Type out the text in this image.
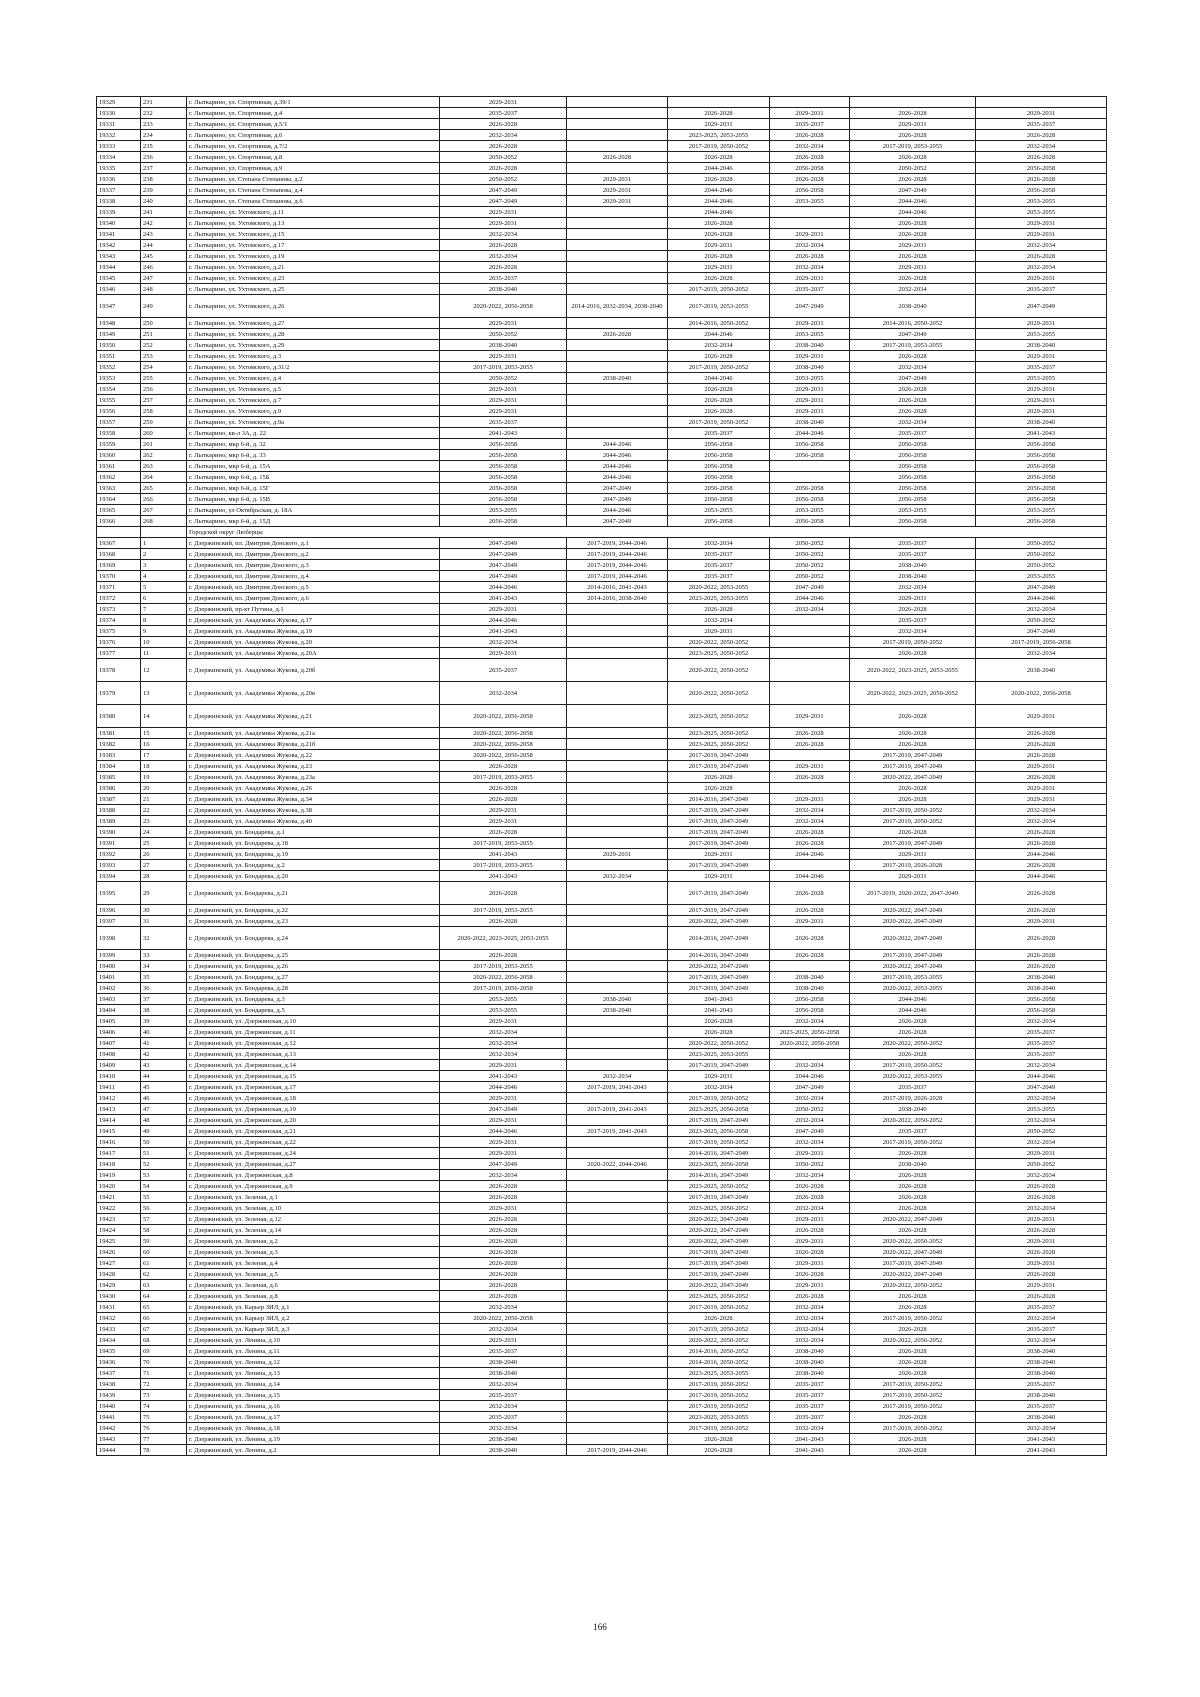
19329	231	г. Лыткарино, ул. Спортивная, д.39/1	2029-2031					
19330	232	г. Лыткарино, ул. Спортивная, д.4	2035-2037		2026-2028	2029-2031	2026-2028	2029-2031
19331	233	г. Лыткарино, ул. Спортивная, д.5/1	2026-2028		2029-2031	2035-2037	2029-2031	2035-2037
19332	234	г. Лыткарино, ул. Спортивная, д.6	2032-2034		2023-2025, 2053-2055	2026-2028	2026-2028	2026-2028
19333	235	г. Лыткарино, ул. Спортивная, д.7/2	2026-2028		2017-2019, 2050-2052	2032-2034	2017-2019, 2053-2055	2032-2034
19334	236	г. Лыткарино, ул. Спортивная, д.8	2050-2052	2026-2028	2026-2028	2026-2028	2026-2028	2026-2028
19335	237	г. Лыткарино, ул. Спортивная, д.9	2026-2028		2044-2046	2056-2058	2050-2052	2056-2058
19336	238	г. Лыткарино, ул. Степана Степанова, д.2	2050-2052	2029-2031	2026-2028	2026-2028	2026-2028	2026-2028
19337	239	г. Лыткарино, ул. Степана Степанова, д.4	2047-2049	2029-2031	2044-2046	2056-2058	2047-2049	2056-2058
19338	240	г. Лыткарино, ул. Степана Степанова, д.6	2047-2049	2029-2031	2044-2046	2053-2055	2044-2046	2053-2055
19339	241	г. Лыткарино, ул. Ухтомского, д.11	2029-2031		2044-2046		2044-2046	2053-2055
19340	242	г. Лыткарино, ул. Ухтомского, д.13	2029-2031		2026-2028		2026-2028	2029-2031
19341	243	г. Лыткарино, ул. Ухтомского, д.15	2032-2034		2026-2028	2029-2031	2026-2028	2029-2031
19342	244	г. Лыткарино, ул. Ухтомского, д.17	2026-2028		2029-2031	2032-2034	2029-2031	2032-2034
19343	245	г. Лыткарино, ул. Ухтомского, д.19	2032-2034		2026-2028	2026-2028	2026-2028	2026-2028
19344	246	г. Лыткарино, ул. Ухтомского, д.21	2026-2028		2029-2031	2032-2034	2029-2031	2032-2034
19345	247	г. Лыткарино, ул. Ухтомского, д.23	2035-2037		2026-2028	2029-2031	2026-2028	2029-2031
19346	248	г. Лыткарино, ул. Ухтомского, д.25	2038-2040		2017-2019, 2050-2052	2035-2037	2032-2034	2035-2037
19347	249	г. Лыткарино, ул. Ухтомского, д.26	2020-2022, 2056-2058	2014-2016, 2032-2034, 2038-2040	2017-2019, 2053-2055	2047-2049	2038-2040	2047-2049
19348	250	г. Лыткарино, ул. Ухтомского, д.27	2029-2031		2014-2016, 2050-2052	2029-2031	2014-2016, 2050-2052	2029-2031
19349	251	г. Лыткарино, ул. Ухтомского, д.28	2050-2052	2026-2028	2044-2046	2053-2055	2047-2049	2053-2055
19350	252	г. Лыткарино, ул. Ухтомского, д.29	2038-2040		2032-2034	2038-2040	2017-2019, 2053-2055	2038-2040
19351	253	г. Лыткарино, ул. Ухтомского, д.3	2029-2031		2026-2028	2029-2031	2026-2028	2029-2031
19352	254	г. Лыткарино, ул. Ухтомского, д.31/2	2017-2019, 2053-2055		2017-2019, 2050-2052	2038-2040	2032-2034	2035-2037
19353	255	г. Лыткарино, ул. Ухтомского, д.4	2050-2052	2038-2040	2044-2046	2053-2055	2047-2049	2053-2055
19354	256	г. Лыткарино, ул. Ухтомского, д.5	2029-2031		2026-2028	2029-2031	2026-2028	2029-2031
19355	257	г. Лыткарино, ул. Ухтомского, д.7	2029-2031		2026-2028	2029-2031	2026-2028	2029-2031
19356	258	г. Лыткарино, ул. Ухтомского, д.9	2029-2031		2026-2028	2029-2031	2026-2028	2029-2031
19357	259	г. Лыткарино, ул. Ухтомского, д.9а	2035-2037		2017-2019, 2050-2052	2038-2040	2032-2034	2038-2040
19358	260	г. Лыткарино, кв-л 3А, д. 22	2041-2043		2035-2037	2044-2046	2035-2037	2041-2043
19359	261	г. Лыткарино, мкр 6-й, д. 32	2056-2058	2044-2046	2056-2058	2056-2058	2056-2058	2056-2058
19360	262	г. Лыткарино, мкр 6-й, д. 33	2056-2058	2044-2046	2056-2058	2056-2058	2056-2058	2056-2058
19361	263	г. Лыткарино, мкр 6-й, д. 15А	2056-2058	2044-2046	2056-2058		2056-2058	2056-2058
19362	264	г. Лыткарино, мкр 6-й, д. 15Б	2056-2058	2044-2046	2056-2058		2056-2058	2056-2058
19363	265	г. Лыткарино, мкр 6-й, д. 15Г	2056-2058	2047-2049	2056-2058	2056-2058	2056-2058	2056-2058
19364	266	г. Лыткарино, мкр 6-й, д. 15В	2056-2058	2047-2049	2056-2058	2056-2058	2056-2058	2056-2058
19365	267	г. Лыткарино, ул Октябрьская, д. 18А	2053-2055	2044-2046	2053-2055	2053-2055	2053-2055	2053-2055
19366	268	г. Лыткарино, мкр 6-й, д. 15Д	2056-2058	2047-2049	2056-2058	2056-2058	2056-2058	2056-2058
		Городской округ Люберцы						
19367	1	г. Дзержинский, пл. Дмитрия Донского, д.1	2047-2049	2017-2019, 2044-2046	2032-2034	2050-2052	2035-2037	2050-2052
19368	2	г. Дзержинский, пл. Дмитрия Донского, д.2	2047-2049	2017-2019, 2044-2046	2035-2037	2050-2052	2035-2037	2050-2052
19369	3	г. Дзержинский, пл. Дмитрия Донского, д.3	2047-2049	2017-2019, 2044-2046	2035-2037	2050-2052	2038-2040	2050-2052
19370	4	г. Дзержинский, пл. Дмитрия Донского, д.4	2047-2049	2017-2019, 2044-2046	2035-2037	2050-2052	2038-2040	2053-2055
19371	5	г. Дзержинский, пл. Дмитрия Донского, д.5	2044-2046	2014-2016, 2041-2043	2020-2022, 2053-2055	2047-2049	2032-2034	2047-2049
19372	6	г. Дзержинский, пл. Дмитрия Донского, д.6	2041-2043	2014-2016, 2038-2040	2023-2025, 2053-2055	2044-2046	2029-2031	2044-2046
19373	7	г. Дзержинский, пр-кт Путина, д.1	2029-2031		2026-2028	2032-2034	2026-2028	2032-2034
19374	8	г. Дзержинский, ул. Академика Жукова, д.17	2044-2046		2032-2034		2035-2037	2050-2052
19375	9	г. Дзержинский, ул. Академика Жукова, д.19	2041-2043		2029-2031		2032-2034	2047-2049
19376	10	г. Дзержинский, ул. Академика Жукова, д.20	2032-2034		2020-2022, 2050-2052		2017-2019, 2050-2052	2017-2019, 2056-2058
19377	11	г. Дзержинский, ул. Академика Жукова, д.20А	2029-2031		2023-2025, 2050-2052		2026-2028	2032-2034
19378	12	г. Дзержинский, ул. Академика Жукова, д.20б	2035-2037		2020-2022, 2050-2052		2020-2022, 2023-2025, 2053-2055	2038-2040
19379	13	г. Дзержинский, ул. Академика Жукова, д.20в	2032-2034		2020-2022, 2050-2052		2020-2022, 2023-2025, 2050-2052	2020-2022, 2056-2058
19380	14	г. Дзержинский, ул. Академика Жукова, д.21	2020-2022, 2056-2058		2023-2025, 2050-2052	2029-2031	2026-2028	2029-2031
19381	15	г. Дзержинский, ул. Академика Жукова, д.21а	2020-2022, 2056-2058		2023-2025, 2050-2052	2026-2028	2026-2028	2026-2028
19382	16	г. Дзержинский, ул. Академика Жукова, д.21б	2020-2022, 2056-2058		2023-2025, 2050-2052	2026-2028	2026-2028	2026-2028
19383	17	г. Дзержинский, ул. Академика Жукова, д.22	2020-2022, 2056-2058		2017-2019, 2047-2049		2017-2019, 2047-2049	2026-2028
19384	18	г. Дзержинский, ул. Академика Жукова, д.23	2026-2028		2017-2019, 2047-2049	2029-2031	2017-2019, 2047-2049	2029-2031
19385	19	г. Дзержинский, ул. Академика Жукова, д.23а	2017-2019, 2053-2055		2026-2028	2026-2028	2020-2022, 2047-2049	2026-2028
19386	20	г. Дзержинский, ул. Академика Жукова, д.26	2026-2028		2026-2028		2026-2028	2029-2031
19387	21	г. Дзержинский, ул. Академика Жукова, д.34	2026-2028		2014-2016, 2047-2049	2029-2031	2026-2028	2029-2031
19388	22	г. Дзержинский, ул. Академика Жукова, д.38	2029-2031		2017-2019, 2047-2049	2032-2034	2017-2019, 2050-2052	2032-2034
19389	23	г. Дзержинский, ул. Академика Жукова, д.40	2029-2031		2017-2019, 2047-2049	2032-2034	2017-2019, 2050-2052	2032-2034
19390	24	г. Дзержинский, ул. Бондарева, д.1	2026-2028		2017-2019, 2047-2049	2026-2028	2026-2028	2026-2028
19391	25	г. Дзержинский, ул. Бондарева, д.18	2017-2019, 2053-2055		2017-2019, 2047-2049	2026-2028	2017-2019, 2047-2049	2026-2028
19392	26	г. Дзержинский, ул. Бондарева, д.19	2041-2043	2029-2031	2029-2031	2044-2046	2029-2031	2044-2046
19393	27	г. Дзержинский, ул. Бондарева, д.2	2017-2019, 2053-2055		2017-2019, 2047-2049		2017-2019, 2026-2028	2026-2028
19394	28	г. Дзержинский, ул. Бондарева, д.20	2041-2043	2032-2034	2029-2031	2044-2046	2029-2031	2044-2046
19395	29	г. Дзержинский, ул. Бондарева, д.21	2026-2028		2017-2019, 2047-2049	2026-2028	2017-2019, 2020-2022, 2047-2049	2026-2028
19396	30	г. Дзержинский, ул. Бондарева, д.22	2017-2019, 2053-2055		2017-2019, 2047-2049	2026-2028	2020-2022, 2047-2049	2026-2028
19397	31	г. Дзержинский, ул. Бондарева, д.23	2026-2028		2020-2022, 2047-2049	2029-2031	2020-2022, 2047-2049	2029-2031
19398	32	г. Дзержинский, ул. Бондарева, д.24	2020-2022, 2023-2025, 2053-2055		2014-2016, 2047-2049	2026-2028	2020-2022, 2047-2049	2026-2028
19399	33	г. Дзержинский, ул. Бондарева, д.25	2026-2028		2014-2016, 2047-2049	2026-2028	2017-2019, 2047-2049	2026-2028
19400	34	г. Дзержинский, ул. Бондарева, д.26	2017-2019, 2053-2055		2020-2022, 2047-2049		2020-2022, 2047-2049	2026-2028
19401	35	г. Дзержинский, ул. Бондарева, д.27	2020-2022, 2056-2058		2017-2019, 2047-2049	2038-2040	2017-2019, 2053-2055	2038-2040
19402	36	г. Дзержинский, ул. Бондарева, д.28	2017-2019, 2056-2058		2017-2019, 2047-2049	2038-2040	2020-2022, 2053-2055	2038-2040
19403	37	г. Дзержинский, ул. Бондарева, д.3	2053-2055	2038-2040	2041-2043	2056-2058	2044-2046	2056-2058
19404	38	г. Дзержинский, ул. Бондарева, д.5	2053-2055	2038-2040	2041-2043	2056-2058	2044-2046	2056-2058
19405	39	г. Дзержинский, ул. Дзержинская, д.10	2029-2031		2026-2028	2032-2034	2026-2028	2032-2034
19406	40	г. Дзержинский, ул. Дзержинская, д.11	2032-2034		2026-2028	2023-2025, 2056-2058	2026-2028	2035-2037
19407	41	г. Дзержинский, ул. Дзержинская, д.12	2032-2034		2020-2022, 2050-2052	2020-2022, 2056-2058	2020-2022, 2050-2052	2035-2037
19408	42	г. Дзержинский, ул. Дзержинская, д.13	2032-2034		2023-2025, 2053-2055		2026-2028	2035-2037
19409	43	г. Дзержинский, ул. Дзержинская, д.14	2029-2031		2017-2019, 2047-2049	2032-2034	2017-2019, 2050-2052	2032-2034
19410	44	г. Дзержинский, ул. Дзержинская, д.15	2041-2043	2032-2034	2029-2031	2044-2046	2020-2022, 2053-2055	2044-2046
19411	45	г. Дзержинский, ул. Дзержинская, д.17	2044-2046	2017-2019, 2041-2043	2032-2034	2047-2049	2035-2037	2047-2049
19412	46	г. Дзержинский, ул. Дзержинская, д.18	2029-2031		2017-2019, 2050-2052	2032-2034	2017-2019, 2026-2028	2032-2034
19413	47	г. Дзержинский, ул. Дзержинская, д.19	2047-2049	2017-2019, 2041-2043	2023-2025, 2056-2058	2050-2052	2038-2040	2053-2055
19414	48	г. Дзержинский, ул. Дзержинская, д.20	2029-2031		2017-2019, 2047-2049	2032-2034	2020-2022, 2050-2052	2032-2034
19415	49	г. Дзержинский, ул. Дзержинская, д.21	2044-2046	2017-2019, 2041-2043	2023-2025, 2056-2058	2047-2049	2035-2037	2050-2052
19416	50	г. Дзержинский, ул. Дзержинская, д.22	2029-2031		2017-2019, 2050-2052	2032-2034	2017-2019, 2050-2052	2032-2034
19417	51	г. Дзержинский, ул. Дзержинская, д.24	2029-2031		2014-2016, 2047-2049	2029-2031	2026-2028	2029-2031
19418	52	г. Дзержинский, ул. Дзержинская, д.27	2047-2049	2020-2022, 2044-2046	2023-2025, 2056-2058	2050-2052	2038-2040	2050-2052
19419	53	г. Дзержинский, ул. Дзержинская, д.8	2032-2034		2014-2016, 2047-2049	2032-2034	2026-2028	2032-2034
19420	54	г. Дзержинский, ул. Дзержинская, д.9	2026-2028		2023-2025, 2050-2052	2026-2028	2026-2028	2026-2028
19421	55	г. Дзержинский, ул. Зеленая, д.1	2026-2028		2017-2019, 2047-2049	2026-2028	2026-2028	2026-2028
19422	56	г. Дзержинский, ул. Зеленая, д.10	2029-2031		2023-2025, 2050-2052	2032-2034	2026-2028	2032-2034
19423	57	г. Дзержинский, ул. Зеленая, д.12	2026-2028		2020-2022, 2047-2049	2029-2031	2020-2022, 2047-2049	2029-2031
19424	58	г. Дзержинский, ул. Зеленая, д.14	2026-2028		2020-2022, 2047-2049	2026-2028	2026-2028	2026-2028
19425	59	г. Дзержинский, ул. Зеленая, д.2	2026-2028		2020-2022, 2047-2049	2029-2031	2020-2022, 2050-2052	2029-2031
19426	60	г. Дзержинский, ул. Зеленая, д.3	2026-2028		2017-2019, 2047-2049	2026-2028	2020-2022, 2047-2049	2026-2028
19427	61	г. Дзержинский, ул. Зеленая, д.4	2026-2028		2017-2019, 2047-2049	2029-2031	2017-2019, 2047-2049	2029-2031
19428	62	г. Дзержинский, ул. Зеленая, д.5	2026-2028		2017-2019, 2047-2049	2026-2028	2020-2022, 2047-2049	2026-2028
19429	63	г. Дзержинский, ул. Зеленая, д.6	2026-2028		2020-2022, 2047-2049	2029-2031	2020-2022, 2050-2052	2029-2031
19430	64	г. Дзержинский, ул. Зеленая, д.8	2026-2028		2023-2025, 2050-2052	2026-2028	2026-2028	2026-2028
19431	65	г. Дзержинский, ул. Карьер ЗИЛ, д.1	2032-2034		2017-2019, 2050-2052	2032-2034	2026-2028	2035-2037
19432	66	г. Дзержинский, ул. Карьер ЗИЛ, д.2	2020-2022, 2056-2058		2026-2028	2032-2034	2017-2019, 2050-2052	2032-2034
19433	67	г. Дзержинский, ул. Карьер ЗИЛ, д.3	2032-2034		2017-2019, 2050-2052	2032-2034	2026-2028	2035-2037
19434	68	г. Дзержинский, ул. Ленина, д.10	2029-2031		2020-2022, 2050-2052	2032-2034	2020-2022, 2056-2052	2032-2034
19435	69	г. Дзержинский, ул. Ленина, д.11	2035-2037		2014-2016, 2050-2052	2038-2040	2026-2028	2038-2040
19436	70	г. Дзержинский, ул. Ленина, д.12	2038-2040		2014-2016, 2050-2052	2038-2040	2026-2028	2038-2040
19437	71	г. Дзержинский, ул. Ленина, д.13	2038-2040		2023-2025, 2053-2055	2038-2040	2026-2028	2038-2040
19438	72	г. Дзержинский, ул. Ленина, д.14	2032-2034		2017-2019, 2050-2052	2035-2037	2017-2019, 2050-2052	2035-2037
19439	73	г. Дзержинский, ул. Ленина, д.15	2035-2037		2017-2019, 2050-2052	2035-2037	2017-2019, 2050-2052	2038-2040
19440	74	г. Дзержинский, ул. Ленина, д.16	2032-2034		2017-2019, 2050-2052	2035-2037	2017-2019, 2050-2052	2035-2037
19441	75	г. Дзержинский, ул. Ленина, д.17	2035-2037		2023-2025, 2053-2055	2035-2037	2026-2028	2038-2040
19442	76	г. Дзержинский, ул. Ленина, д.18	2032-2034		2017-2019, 2050-2052	2032-2034	2017-2019, 2050-2052	2032-2034
19443	77	г. Дзержинский, ул. Ленина, д.19	2038-2040		2026-2028	2041-2043	2026-2028	2041-2043
19444	78	г. Дзержинский, ул. Ленина, д.2	2038-2040	2017-2019, 2044-2046	2026-2028	2041-2043	2026-2028	2041-2043
166
